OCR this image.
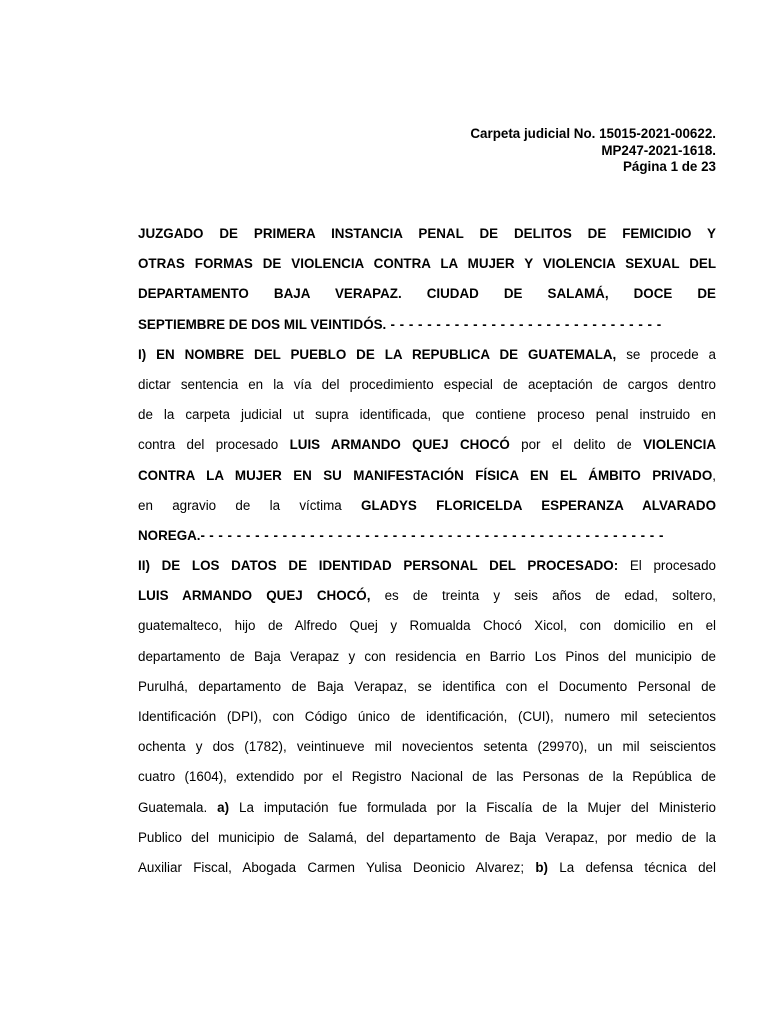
Carpeta judicial No. 15015-2021-00622.
MP247-2021-1618.
Página 1 de 23
JUZGADO DE PRIMERA INSTANCIA PENAL DE DELITOS DE FEMICIDIO Y
OTRAS FORMAS DE VIOLENCIA CONTRA LA MUJER Y VIOLENCIA SEXUAL DEL
DEPARTAMENTO BAJA VERAPAZ. CIUDAD DE SALAMÁ, DOCE DE
SEPTIEMBRE DE DOS MIL VEINTIDÓS. - - - - - - - - - - - - - - - - - - - - - - - - - - - - - -
I) EN NOMBRE DEL PUEBLO DE LA REPUBLICA DE GUATEMALA, se procede a
dictar sentencia en la vía del procedimiento especial de aceptación de cargos dentro
de la carpeta judicial ut supra identificada, que contiene proceso penal instruido en
contra del procesado LUIS ARMANDO QUEJ CHOCÓ por el delito de VIOLENCIA
CONTRA LA MUJER EN SU MANIFESTACIÓN FÍSICA EN EL ÁMBITO PRIVADO,
en agravio de la víctima GLADYS FLORICELDA ESPERANZA ALVARADO
NOREGA.- - - - - - - - - - - - - - - - - - - - - - - - - - - - - - - - - - - - - - - - - - - - - - - - - - -
II) DE LOS DATOS DE IDENTIDAD PERSONAL DEL PROCESADO: El procesado
LUIS ARMANDO QUEJ CHOCÓ, es de treinta y seis años de edad, soltero,
guatemalteco, hijo de Alfredo Quej y Romualda Chocó Xicol, con domicilio en el
departamento de Baja Verapaz y con residencia en Barrio Los Pinos del municipio de
Purulhá, departamento de Baja Verapaz, se identifica con el Documento Personal de
Identificación (DPI), con Código único de identificación, (CUI), numero mil setecientos
ochenta y dos (1782), veintinueve mil novecientos setenta (29970), un mil seiscientos
cuatro (1604), extendido por el Registro Nacional de las Personas de la República de
Guatemala. a) La imputación fue formulada por la Fiscalía de la Mujer del Ministerio
Publico del municipio de Salamá, del departamento de Baja Verapaz, por medio de la
Auxiliar Fiscal, Abogada Carmen Yulisa Deonicio Alvarez; b) La defensa técnica del
